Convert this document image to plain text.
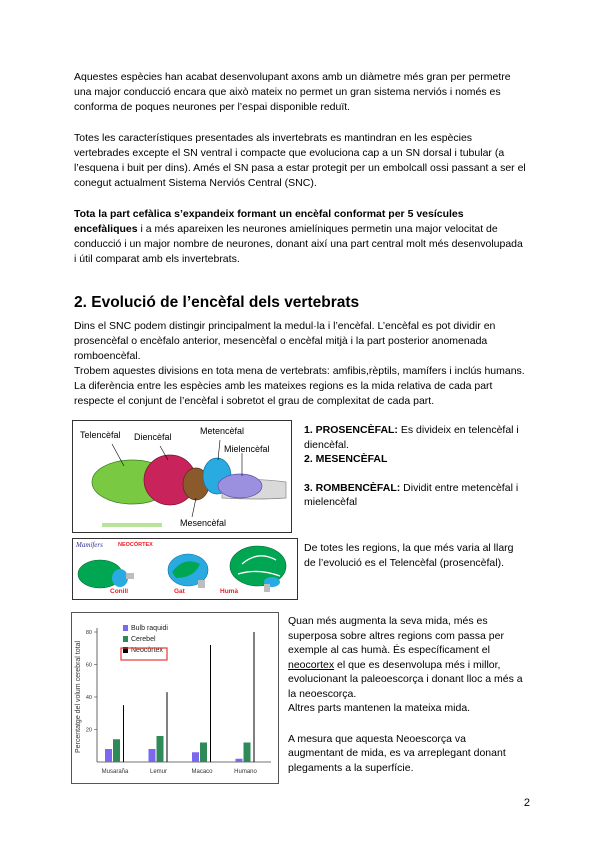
Aquestes espècies han acabat desenvolupant axons amb un diàmetre més gran per permetre una major conducció encara que això mateix no permet un gran sistema nerviós i només es conforma de poques neurones per l’espai disponible reduït.

Totes les característiques presentades als invertebrats es mantindran en les espècies vertebrades excepte el SN ventral i compacte que evoluciona cap a un SN dorsal i tubular (a l’esquena i buit per dins). Amés el SN pasa a estar protegit per un embolcall ossi passant a ser el conegut actualment Sistema Nerviós Central (SNC).

Tota la part cefàlica s’expandeix formant un encèfal conformat per 5 vesícules encefàliques i a més apareixen les neurones amielíniques permetin una major velocitat de conducció i un major nombre de neurones, donant així una part central molt més desenvolupada i útil comparat amb els invertebrats.

2. Evolució de l’encèfal dels vertebrats

Dins el SNC podem distingir principalment la medul·la i l’encèfal. L’encèfal es pot dividir en prosencèfal o encèfalo anterior, mesencèfal o encèfal mitjà i la part posterior anomenada romboencèfal.

Trobem aquestes divisions en tota mena de vertebrats: amfibis,rèptils, mamífers i inclús humans. La diferència entre les espècies amb les mateixes regions es la mida relativa de cada part respecte el conjunt de l’encèfal i sobretot el grau de complexitat de cada part.

Telencèfal Diencèfal
Metencèfal
Mielencèfal
Mesencèfal
1. PROSENCÈFAL: Es divideix en telencèfal i diencèfal.
2. MESENCÈFAL
3. ROMBENCÈFAL: Dividit entre metencèfal i mielencèfal
Mamífers	NEOCÒRTEX
Conill	Gat	Humà

De totes les regions, la que més varia al llarg de l’evolució es el Telencèfal (prosencèfal).

20
40
60
80
Percentatge del volum cerebral total
Musaraña	Lemur	Macaco	Humano
Bulb raquidi
Cerebel
Neocòrtex
Quan més augmenta la seva mida, més es superposa sobre altres regions com passa per exemple al cas humà. És específicament el neocortex el que es desenvolupa més i millor, evolucionant la paleoescorça i donant lloc a més a la neoescorça.
Altres parts mantenen la mateixa mida.
A mesura que aquesta Neoescorça va augmentant de mida, es va arreplegant donant plegaments a la superfície.
2
